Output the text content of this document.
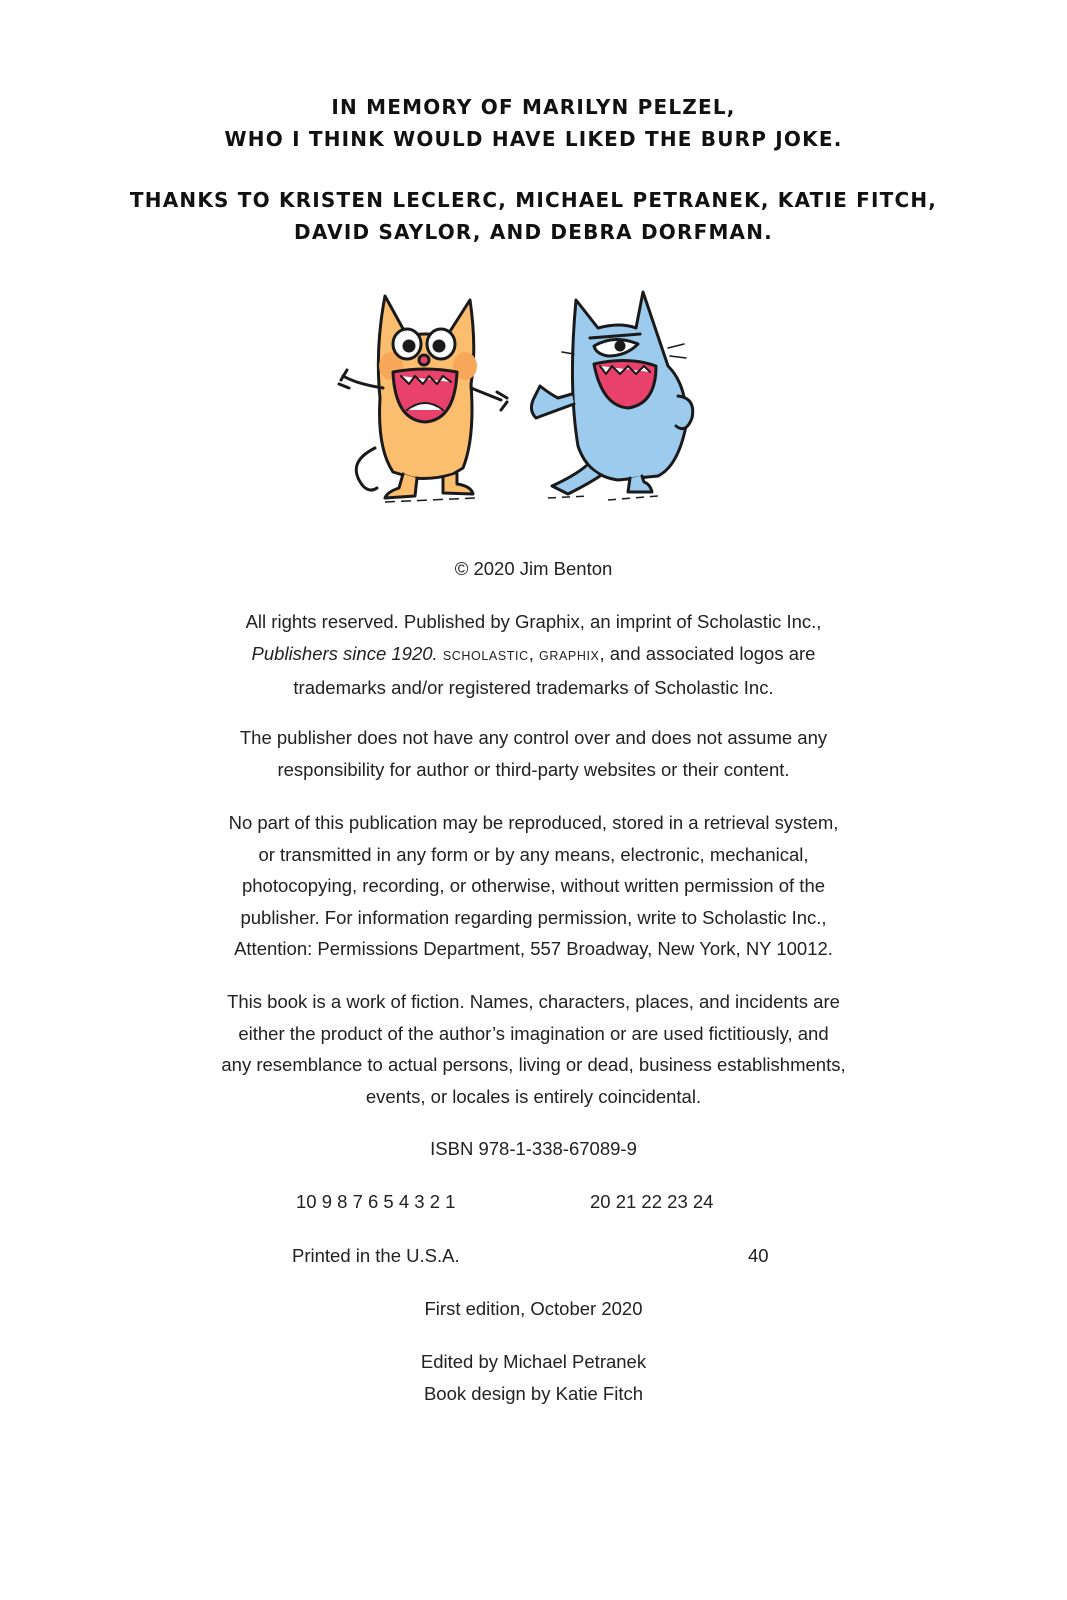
IN MEMORY OF MARILYN PELZEL,

WHO I THINK WOULD HAVE LIKED THE BURP JOKE.

THANKS TO KRISTEN LECLERC, MICHAEL PETRANEK, KATIE FITCH,

DAVID SAYLOR, AND DEBRA DORFMAN.

© 2020 Jim Benton

All rights reserved. Published by Graphix, an imprint of Scholastic Inc.,
Publishers since 1920. SCHOLASTIC, GRAPHIX, and associated logos are
trademarks and/or registered trademarks of Scholastic Inc.
The publisher does not have any control over and does not assume any
responsibility for author or third-party websites or their content.
No part of this publication may be reproduced, stored in a retrieval system,
or transmitted in any form or by any means, electronic, mechanical,
photocopying, recording, or otherwise, without written permission of the
publisher. For information regarding permission, write to Scholastic Inc.,
Attention: Permissions Department, 557 Broadway, New York, NY 10012.
This book is a work of fiction. Names, characters, places, and incidents are
either the product of the author’s imagination or are used fictitiously, and
any resemblance to actual persons, living or dead, business establishments,
events, or locales is entirely coincidental.

ISBN 978-1-338-67089-9

10 9 8 7 6 5 4 3 2 1	20 21 22 23 24
Printed in the U.S.A.	40

First edition, October 2020

Edited by Michael Petranek
Book design by Katie Fitch
